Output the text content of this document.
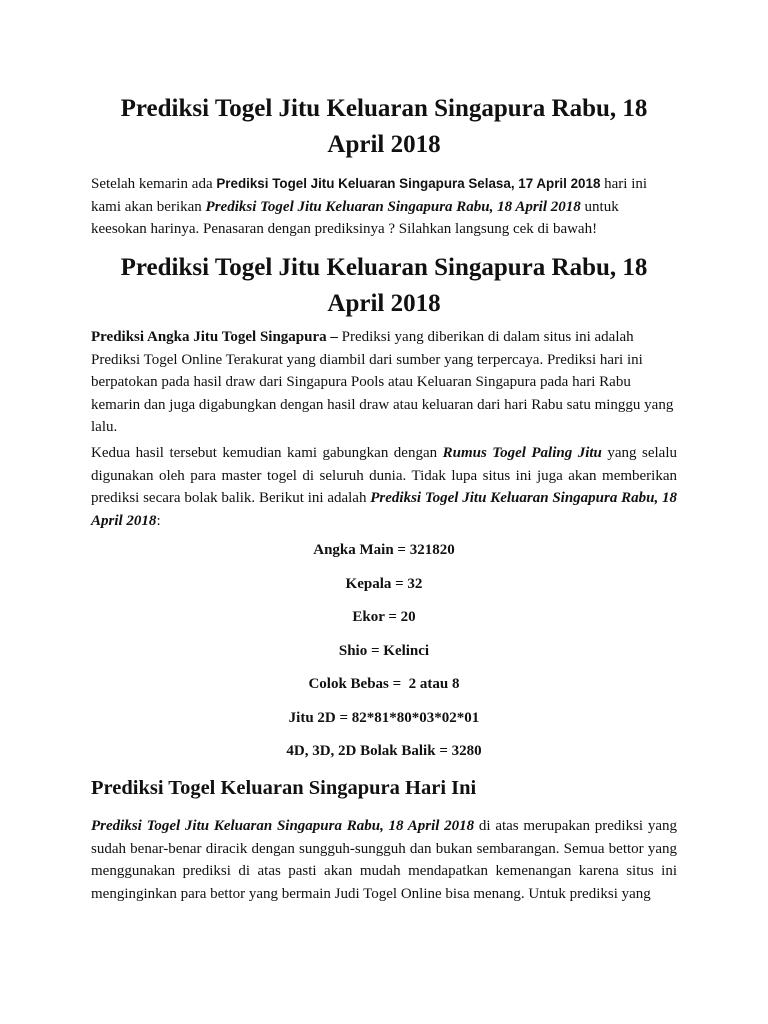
Prediksi Togel Jitu Keluaran Singapura Rabu, 18 April 2018

Setelah kemarin ada Prediksi Togel Jitu Keluaran Singapura Selasa, 17 April 2018 hari ini kami akan berikan Prediksi Togel Jitu Keluaran Singapura Rabu, 18 April 2018 untuk keesokan harinya. Penasaran dengan prediksinya ? Silahkan langsung cek di bawah!

Prediksi Togel Jitu Keluaran Singapura Rabu, 18 April 2018

Prediksi Angka Jitu Togel Singapura – Prediksi yang diberikan di dalam situs ini adalah Prediksi Togel Online Terakurat yang diambil dari sumber yang terpercaya. Prediksi hari ini berpatokan pada hasil draw dari Singapura Pools atau Keluaran Singapura pada hari Rabu kemarin dan juga digabungkan dengan hasil draw atau keluaran dari hari Rabu satu minggu yang lalu.

Kedua hasil tersebut kemudian kami gabungkan dengan Rumus Togel Paling Jitu yang selalu digunakan oleh para master togel di seluruh dunia. Tidak lupa situs ini juga akan memberikan prediksi secara bolak balik. Berikut ini adalah Prediksi Togel Jitu Keluaran Singapura Rabu, 18 April 2018:

Angka Main = 321820

Kepala = 32

Ekor = 20

Shio = Kelinci

Colok Bebas =  2 atau 8

Jitu 2D = 82*81*80*03*02*01

4D, 3D, 2D Bolak Balik = 3280

Prediksi Togel Keluaran Singapura Hari Ini

Prediksi Togel Jitu Keluaran Singapura Rabu, 18 April 2018 di atas merupakan prediksi yang sudah benar-benar diracik dengan sungguh-sungguh dan bukan sembarangan. Semua bettor yang menggunakan prediksi di atas pasti akan mudah mendapatkan kemenangan karena situs ini menginginkan para bettor yang bermain Judi Togel Online bisa menang. Untuk prediksi yang
